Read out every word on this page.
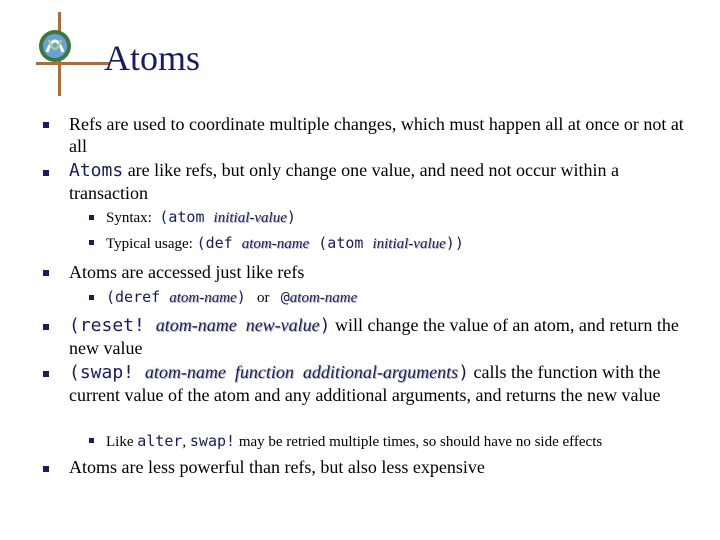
Atoms
Refs are used to coordinate multiple changes, which must happen all at once or not at all
Atoms are like refs, but only change one value, and need not occur within a transaction
Syntax: (atom initial-value)
Typical usage: (def atom-name (atom initial-value))
Atoms are accessed just like refs
(deref atom-name) or @atom-name
(reset! atom-name new-value) will change the value of an atom, and return the new value
(swap! atom-name function additional-arguments) calls the function with the current value of the atom and any additional arguments, and returns the new value
Like alter, swap! may be retried multiple times, so should have no side effects
Atoms are less powerful than refs, but also less expensive
